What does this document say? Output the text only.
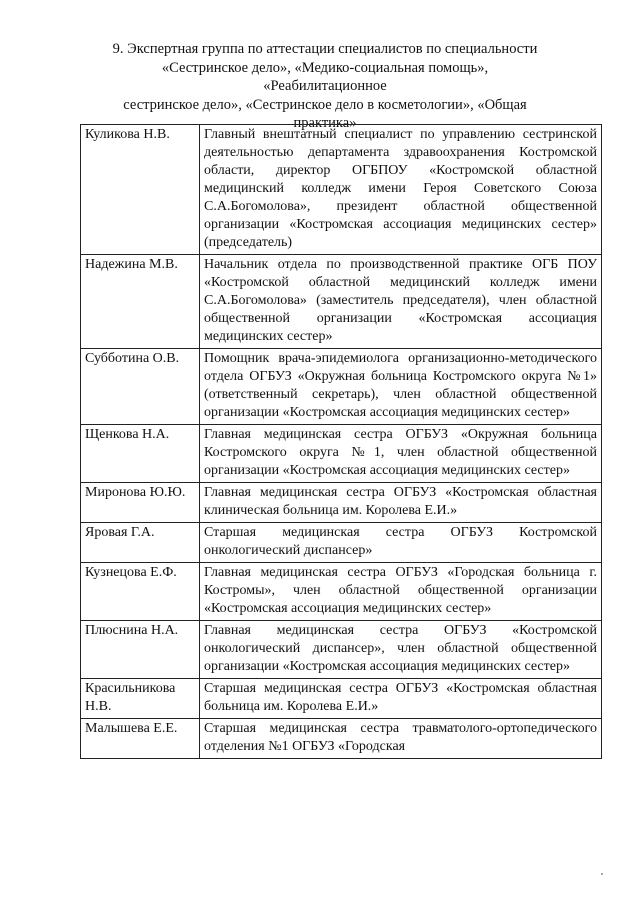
9. Экспертная группа по аттестации специалистов по специальности
«Сестринское дело», «Медико-социальная помощь», «Реабилитационное
сестринское дело», «Сестринское дело в косметологии», «Общая
практика»
Куликова Н.В.	Главный внештатный специалист по управлению сестринской деятельностью департамента здравоохранения Костромской области, директор ОГБПОУ «Костромской областной медицинский колледж имени Героя Советского Союза С.А.Богомолова», президент областной общественной организации «Костромская ассоциация медицинских сестер» (председатель)
Надежина М.В.	Начальник отдела по производственной практике ОГБ ПОУ «Костромской областной медицинский колледж имени С.А.Богомолова» (заместитель председателя), член областной общественной организации «Костромская ассоциация медицинских сестер»
Субботина О.В.	Помощник врача-эпидемиолога организационно-методического отдела ОГБУЗ «Окружная больница Костромского округа №1» (ответственный секретарь), член областной общественной организации «Костромская ассоциация медицинских сестер»
Щенкова Н.А.	Главная медицинская сестра ОГБУЗ «Окружная больница Костромского округа №1, член областной общественной организации «Костромская ассоциация медицинских сестер»
Миронова Ю.Ю.	Главная медицинская сестра ОГБУЗ «Костромская областная клиническая больница им. Королева Е.И.»
Яровая Г.А.	Старшая медицинская сестра ОГБУЗ Костромской онкологический диспансер»
Кузнецова Е.Ф.	Главная медицинская сестра ОГБУЗ «Городская больница г. Костромы», член областной общественной организации «Костромская ассоциация медицинских сестер»
Плюснина Н.А.	Главная медицинская сестра ОГБУЗ «Костромской онкологический диспансер», член областной общественной организации «Костромская ассоциация медицинских сестер»
Красильникова Н.В.	Старшая медицинская сестра ОГБУЗ «Костромская областная больница им. Королева Е.И.»
Малышева Е.Е.	Старшая медицинская сестра травматолого-ортопедического отделения №1 ОГБУЗ «Городская
